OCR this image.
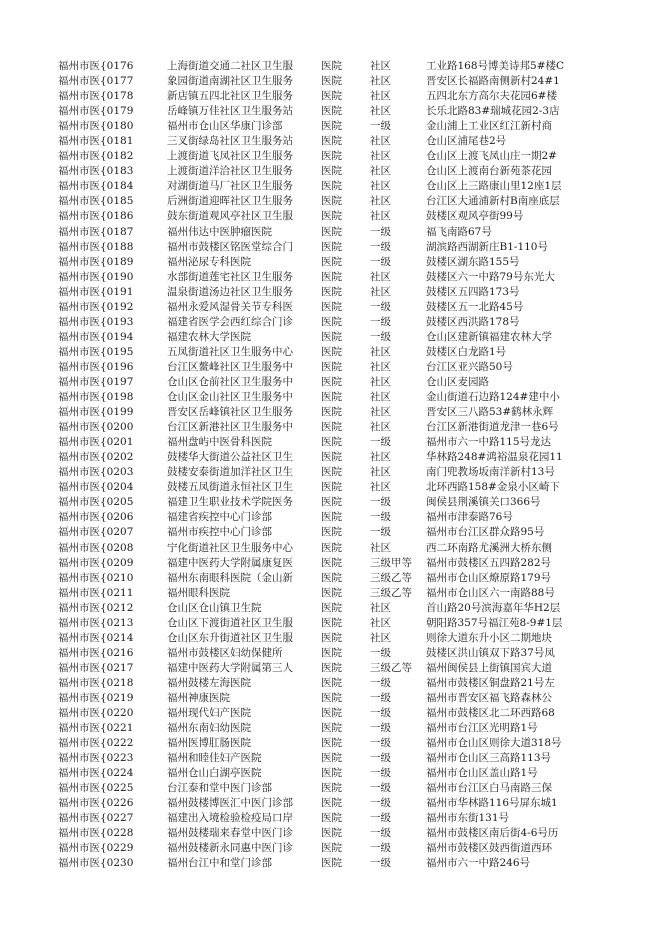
福州市医{0176	上海街道交通二社区卫生服	医院	社区	工业路168号博美诗邦5#楼C
福州市医{0177	象园街道南湖社区卫生服务	医院	社区	晋安区长福路南侧新村24#1
福州市医{0178	新店镇五四北社区卫生服务	医院	社区	五四北东方高尔夫花园6#楼
福州市医{0179	岳峰镇万佳社区卫生服务站	医院	社区	长乐北路83#瑞城花园2-3店
福州市医{0180	福州市仓山区华康门诊部	医院	一级	金山浦上工业区红江新村商
福州市医{0181	三叉街绿岛社区卫生服务站	医院	社区	仓山区浦尾巷2号
福州市医{0182	上渡街道飞凤社区卫生服务	医院	社区	仓山区上渡飞凤山庄一期2#
福州市医{0183	上渡街道洋洽社区卫生服务	医院	社区	仓山区上渡南台新苑茶花园
福州市医{0184	对湖街道马厂社区卫生服务	医院	社区	仓山区上三路康山里12座1层
福州市医{0185	后洲街道迎晖社区卫生服务	医院	社区	台江区大通浦新村B南座底层
福州市医{0186	鼓东街道观风亭社区卫生服	医院	社区	鼓楼区观风亭街99号
福州市医{0187	福州伟达中医肿瘤医院	医院	一级	福飞南路67号
福州市医{0188	福州市鼓楼区铭医堂综合门	医院	一级	湖滨路西湖新庄B1-110号
福州市医{0189	福州泌尿专科医院	医院	一级	鼓楼区湖东路155号
福州市医{0190	水部街道莲宅社区卫生服务	医院	社区	鼓楼区六一中路79号东光大
福州市医{0191	温泉街道汤边社区卫生服务	医院	社区	鼓楼区五四路173号
福州市医{0192	福州永爱风湿骨关节专科医	医院	一级	鼓楼区五一北路45号
福州市医{0193	福建省医学会西红综合门诊	医院	一级	鼓楼区西洪路178号
福州市医{0194	福建农林大学医院	医院	一级	仓山区建新镇福建农林大学
福州市医{0195	五凤街道社区卫生服务中心	医院	社区	鼓楼区白龙路1号
福州市医{0196	台江区鳌峰社区卫生服务中	医院	社区	台江区亚兴路50号
福州市医{0197	仓山区仓前社区卫生服务中	医院	社区	仓山区麦园路
福州市医{0198	仓山区金山社区卫生服务中	医院	社区	金山街道石边路124#建中小
福州市医{0199	晋安区岳峰镇社区卫生服务	医院	社区	晋安区三八路53#鹤林永辉
福州市医{0200	台江区新港社区卫生服务中	医院	社区	台江区新港街道龙津一巷6号
福州市医{0201	福州盘屿中医骨科医院	医院	一级	福州市六一中路115号龙达
福州市医{0202	鼓楼华大街道公益社区卫生	医院	社区	华林路248#鸿裕温泉花园11
福州市医{0203	鼓楼安泰街道加洋社区卫生	医院	社区	南门兜教场坂南洋新村13号
福州市医{0204	鼓楼五凤街道永恒社区卫生	医院	社区	北环西路158#金泉小区崎下
福州市医{0205	福建卫生职业技术学院医务	医院	一级	闽侯县荆溪镇关口366号
福州市医{0206	福建省疾控中心门诊部	医院	一级	福州市津泰路76号
福州市医{0207	福州市疾控中心门诊部	医院	一级	福州市台江区群众路95号
福州市医{0208	宁化街道社区卫生服务中心	医院	社区	西二环南路尤溪洲大桥东侧
福州市医{0209	福建中医药大学附属康复医	医院	三级甲等	福州市鼓楼区五四路282号
福州市医{0210	福州东南眼科医院（金山新	医院	三级乙等	福州市仓山区燎原路179号
福州市医{0211	福州眼科医院	医院	三级乙等	福州市仓山区六一南路88号
福州市医{0212	仓山区仓山镇卫生院	医院	社区	首山路20号滨海嘉年华H2层
福州市医{0213	仓山区下渡街道社区卫生服	医院	社区	朝阳路357号福江苑8-9#1层
福州市医{0214	仓山区东升街道社区卫生服	医院	社区	则徐大道东升小区二期地块
福州市医{0216	福州市鼓楼区妇幼保健所	医院	一级	鼓楼区洪山镇双下路37号凤
福州市医{0217	福建中医药大学附属第三人	医院	三级乙等	福州闽侯县上街镇国宾大道
福州市医{0218	福州鼓楼左海医院	医院	一级	福州市鼓楼区铜盘路21号左
福州市医{0219	福州神康医院	医院	一级	福州市晋安区福飞路森林公
福州市医{0220	福州现代妇产医院	医院	一级	福州市鼓楼区北二环西路68
福州市医{0221	福州东南妇幼医院	医院	一级	福州市台江区光明路1号
福州市医{0222	福州医博肛肠医院	医院	一级	福州市仓山区则徐大道318号
福州市医{0223	福州和睦佳妇产医院	医院	一级	福州市仓山区三高路113号
福州市医{0224	福州仓山白湖亭医院	医院	一级	福州市仓山区盖山路1号
福州市医{0225	台江泰和堂中医门诊部	医院	一级	福州市台江区白马南路三保
福州市医{0226	福州鼓楼博医汇中医门诊部	医院	一级	福州市华林路116号屏东城1
福州市医{0227	福建出入境检验检疫局口岸	医院	一级	福州市东街131号
福州市医{0228	福州鼓楼瑞来春堂中医门诊	医院	一级	福州市鼓楼区南后街4-6号历
福州市医{0229	福州鼓楼新永同惠中医门诊	医院	一级	福州市鼓楼区鼓西街道西环
福州市医{0230	福州台江中和堂门诊部	医院	一级	福州市六一中路246号
